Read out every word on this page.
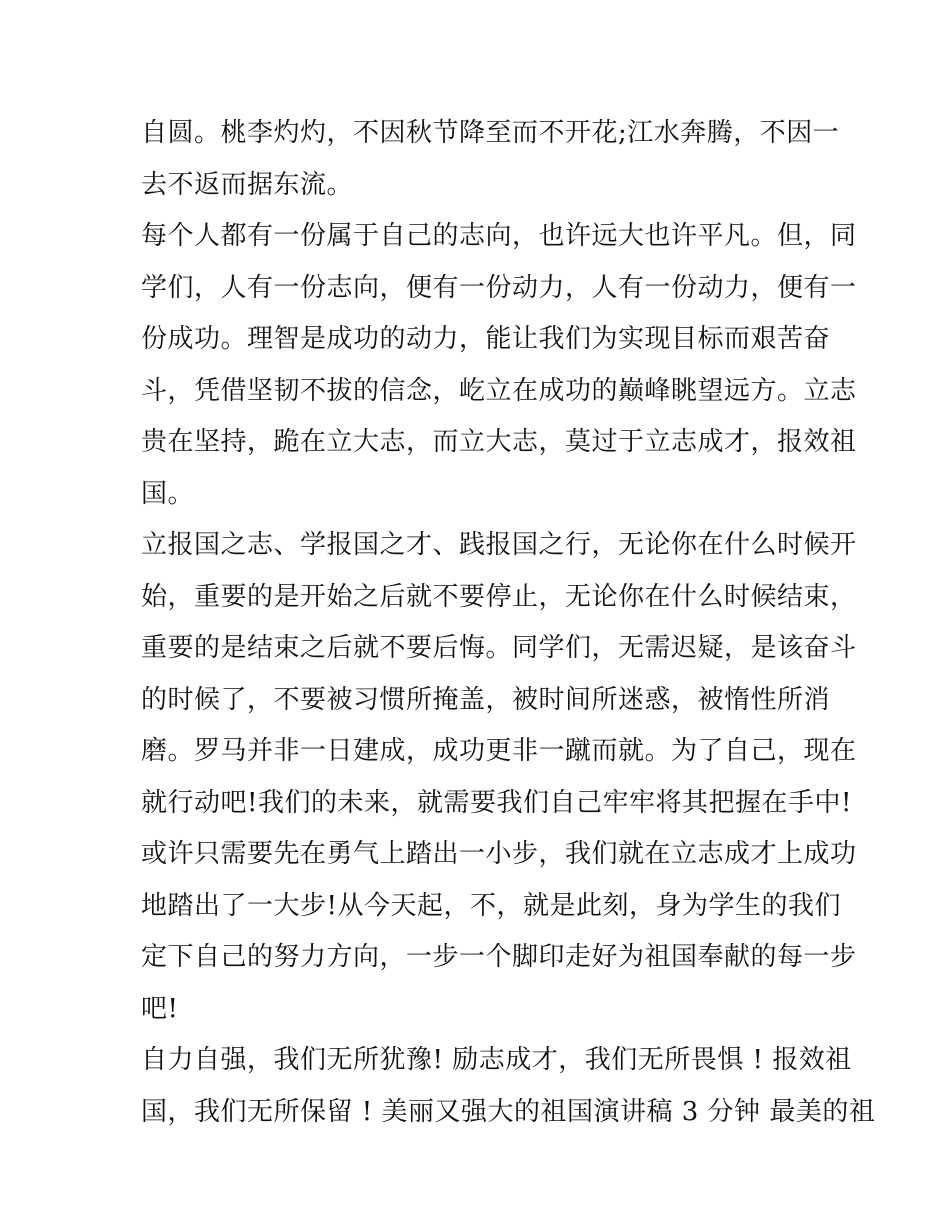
自圆。桃李灼灼，不因秋节降至而不开花;江水奔腾，不因一
去不返而据东流。
每个人都有一份属于自己的志向，也许远大也许平凡。但，同
学们，人有一份志向，便有一份动力，人有一份动力，便有一
份成功。理智是成功的动力，能让我们为实现目标而艰苦奋
斗，凭借坚韧不拔的信念，屹立在成功的巅峰眺望远方。立志
贵在坚持，跪在立大志，而立大志，莫过于立志成才，报效祖
国。
立报国之志、学报国之才、践报国之行，无论你在什么时候开
始，重要的是开始之后就不要停止，无论你在什么时候结束，
重要的是结束之后就不要后悔。同学们，无需迟疑，是该奋斗
的时候了，不要被习惯所掩盖，被时间所迷惑，被惰性所消
磨。罗马并非一日建成，成功更非一蹴而就。为了自己，现在
就行动吧!我们的未来，就需要我们自己牢牢将其把握在手中!
或许只需要先在勇气上踏出一小步，我们就在立志成才上成功
地踏出了一大步!从今天起，不，就是此刻，身为学生的我们
定下自己的努力方向，一步一个脚印走好为祖国奉献的每一步
吧!
自力自强，我们无所犹豫! 励志成才，我们无所畏惧 ! 报效祖
国，我们无所保留 ! 美丽又强大的祖国演讲稿 3 分钟 最美的祖
